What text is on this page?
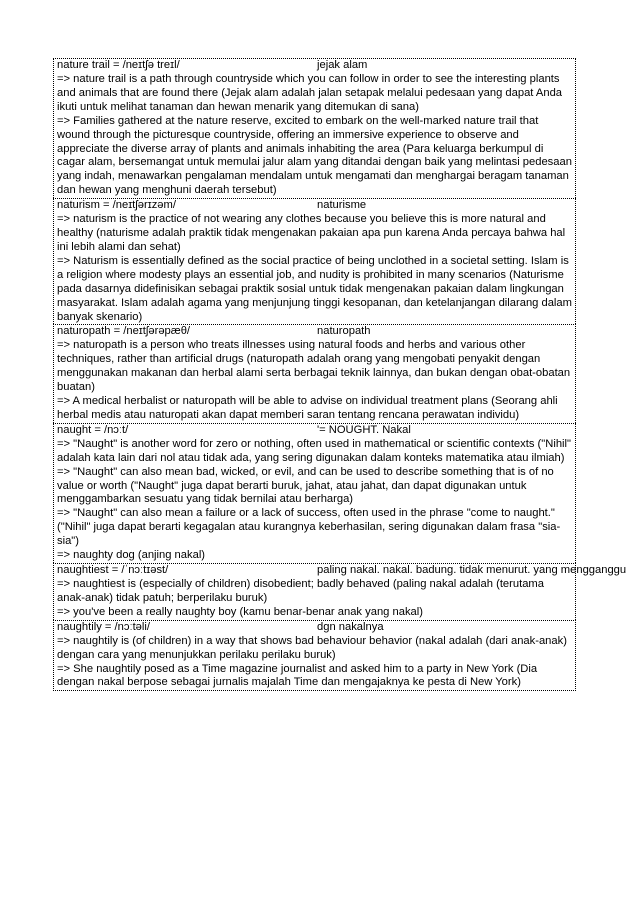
nature trail = /neɪtʃə treɪl/	jejak alam

=> nature trail is a path through countryside which you can follow in order to see the interesting plants and animals that are found there (Jejak alam adalah jalan setapak melalui pedesaan yang dapat Anda ikuti untuk melihat tanaman dan hewan menarik yang ditemukan di sana)

=> Families gathered at the nature reserve, excited to embark on the well-marked nature trail that wound through the picturesque countryside, offering an immersive experience to observe and appreciate the diverse array of plants and animals inhabiting the area (Para keluarga berkumpul di cagar alam, bersemangat untuk memulai jalur alam yang ditandai dengan baik yang melintasi pedesaan yang indah, menawarkan pengalaman mendalam untuk mengamati dan menghargai beragam tanaman dan hewan yang menghuni daerah tersebut)

naturism = /neɪtʃərɪzəm/	naturisme

=> naturism is the practice of not wearing any clothes because you believe this is more natural and healthy (naturisme adalah praktik tidak mengenakan pakaian apa pun karena Anda percaya bahwa hal ini lebih alami dan sehat)

=> Naturism is essentially defined as the social practice of being unclothed in a societal setting. Islam is a religion where modesty plays an essential job, and nudity is prohibited in many scenarios (Naturisme pada dasarnya didefinisikan sebagai praktik sosial untuk tidak mengenakan pakaian dalam lingkungan masyarakat. Islam adalah agama yang menjunjung tinggi kesopanan, dan ketelanjangan dilarang dalam banyak skenario)

naturopath = /neɪtʃərəpæθ/	naturopath

=> naturopath is a person who treats illnesses using natural foods and herbs and various other techniques, rather than artificial drugs (naturopath adalah orang yang mengobati penyakit dengan menggunakan makanan dan herbal alami serta berbagai teknik lainnya, dan bukan dengan obat-obatan buatan)

=> A medical herbalist or naturopath will be able to advise on individual treatment plans (Seorang ahli herbal medis atau naturopati akan dapat memberi saran tentang rencana perawatan individu)

naught = /nɔːt/	'= NOUGHT. Nakal

=> "Naught" is another word for zero or nothing, often used in mathematical or scientific contexts ("Nihil" adalah kata lain dari nol atau tidak ada, yang sering digunakan dalam konteks matematika atau ilmiah)

=> "Naught" can also mean bad, wicked, or evil, and can be used to describe something that is of no value or worth ("Naught" juga dapat berarti buruk, jahat, atau jahat, dan dapat digunakan untuk menggambarkan sesuatu yang tidak bernilai atau berharga)

=> "Naught" can also mean a failure or a lack of success, often used in the phrase "come to naught." ("Nihil" juga dapat berarti kegagalan atau kurangnya keberhasilan, sering digunakan dalam frasa "sia-sia")

=> naughty dog (anjing nakal)

naughtiest = /ˈnɔːtɪəst/	paling nakal. nakal. badung. tidak menurut. yang mengganggu

=> naughtiest is (especially of children) disobedient; badly behaved (paling nakal adalah (terutama anak-anak) tidak patuh; berperilaku buruk)

=> you've been a really naughty boy (kamu benar-benar anak yang nakal)

naughtily = /nɔːtəli/	dgn nakalnya

=> naughtily is (of children) in a way that shows bad behaviour behavior (nakal adalah (dari anak-anak) dengan cara yang menunjukkan perilaku perilaku buruk)

=> She naughtily posed as a Time magazine journalist and asked him to a party in New York (Dia dengan nakal berpose sebagai jurnalis majalah Time dan mengajaknya ke pesta di New York)
